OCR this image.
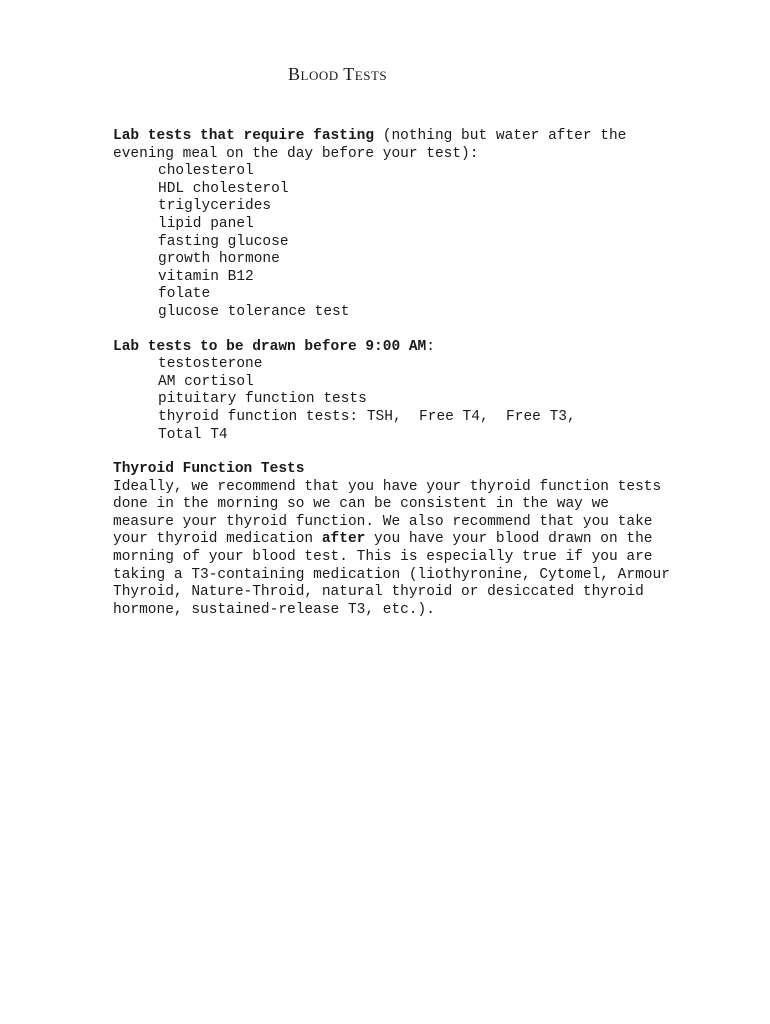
Blood Tests

Lab tests that require fasting (nothing but water after the evening meal on the day before your test):

cholesterol
HDL cholesterol
triglycerides
lipid panel
fasting glucose
growth hormone
vitamin B12
folate
glucose tolerance test

Lab tests to be drawn before 9:00 AM:

testosterone
AM cortisol
pituitary function tests
thyroid function tests: TSH,  Free T4,  Free T3,
Total T4

Thyroid Function Tests

Ideally, we recommend that you have your thyroid function tests done in the morning so we can be consistent in the way we measure your thyroid function. We also recommend that you take your thyroid medication after you have your blood drawn on the morning of your blood test. This is especially true if you are taking a T3-containing medication (liothyronine, Cytomel, Armour Thyroid, Nature-Throid, natural thyroid or desiccated thyroid hormone, sustained-release T3, etc.).
